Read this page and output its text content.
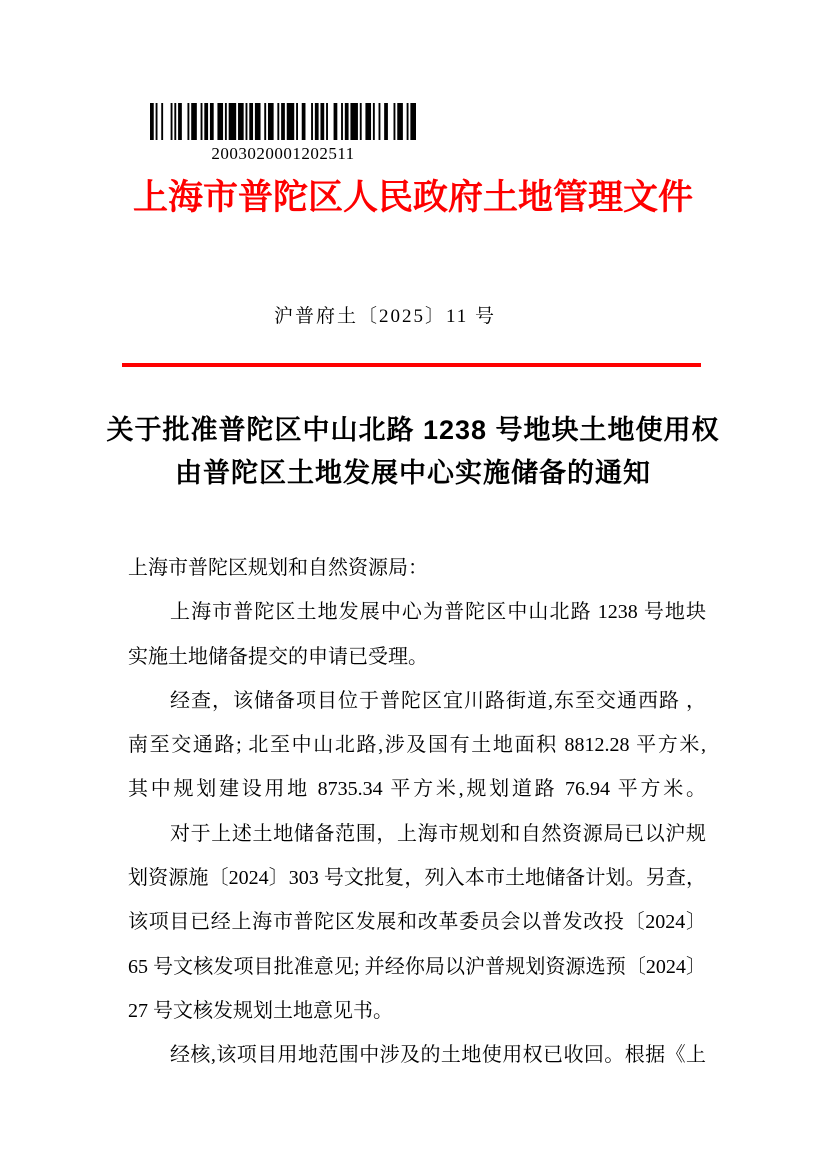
2003020001202511
上海市普陀区人民政府土地管理文件
沪普府土〔2025〕11 号
关于批准普陀区中山北路 1238 号地块土地使用权
由普陀区土地发展中心实施储备的通知
上海市普陀区规划和自然资源局：
上海市普陀区土地发展中心为普陀区中山北路 1238 号地块
实施土地储备提交的申请已受理。
经查，该储备项目位于普陀区宜川路街道,东至交通西路 ，
南至交通路; 北至中山北路,涉及国有土地面积 8812.28 平方米,
其中规划建设用地 8735.34 平方米,规划道路 76.94 平方米。
对于上述土地储备范围，上海市规划和自然资源局已以沪规
划资源施〔2024〕303 号文批复，列入本市土地储备计划。另查，
该项目已经上海市普陀区发展和改革委员会以普发改投〔2024〕
65 号文核发项目批准意见; 并经你局以沪普规划资源选预〔2024〕
27 号文核发规划土地意见书。
经核,该项目用地范围中涉及的土地使用权已收回。根据《上
